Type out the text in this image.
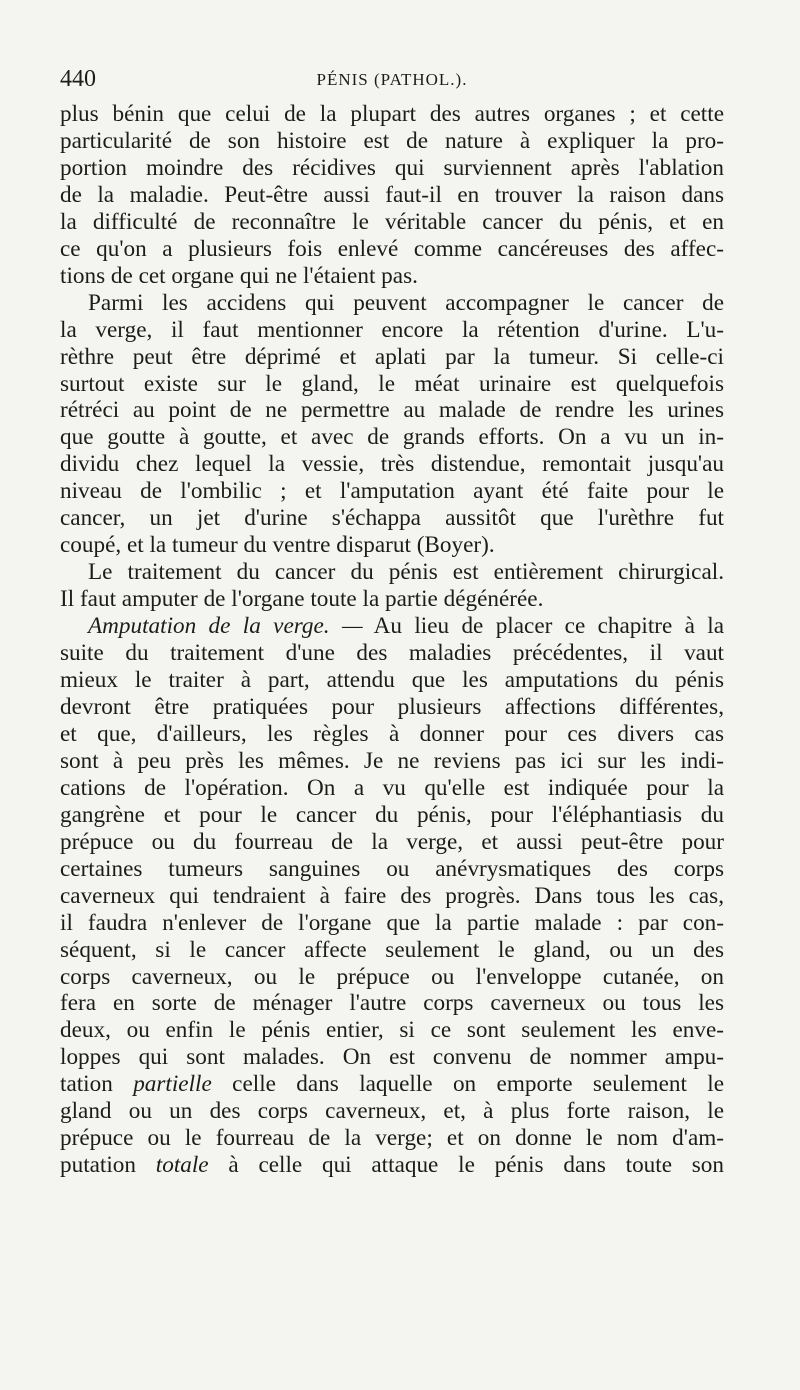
440	PÉNIS (PATHOL.).

plus bénin que celui de la plupart des autres organes ; et cette
particularité de son histoire est de nature à expliquer la pro-
portion moindre des récidives qui surviennent après l'ablation
de la maladie. Peut-être aussi faut-il en trouver la raison dans
la difficulté de reconnaître le véritable cancer du pénis, et en
ce qu'on a plusieurs fois enlevé comme cancéreuses des affec-
tions de cet organe qui ne l'étaient pas.

Parmi les accidens qui peuvent accompagner le cancer de
la verge, il faut mentionner encore la rétention d'urine. L'u-
rèthre peut être déprimé et aplati par la tumeur. Si celle-ci
surtout existe sur le gland, le méat urinaire est quelquefois
rétréci au point de ne permettre au malade de rendre les urines
que goutte à goutte, et avec de grands efforts. On a vu un in-
dividu chez lequel la vessie, très distendue, remontait jusqu'au
niveau de l'ombilic ; et l'amputation ayant été faite pour le
cancer, un jet d'urine s'échappa aussitôt que l'urèthre fut
coupé, et la tumeur du ventre disparut (Boyer).

Le traitement du cancer du pénis est entièrement chirurgical.
Il faut amputer de l'organe toute la partie dégénérée.

Amputation de la verge. — Au lieu de placer ce chapitre à la
suite du traitement d'une des maladies précédentes, il vaut
mieux le traiter à part, attendu que les amputations du pénis
devront être pratiquées pour plusieurs affections différentes,
et que, d'ailleurs, les règles à donner pour ces divers cas
sont à peu près les mêmes. Je ne reviens pas ici sur les indi-
cations de l'opération. On a vu qu'elle est indiquée pour la
gangrène et pour le cancer du pénis, pour l'éléphantiasis du
prépuce ou du fourreau de la verge, et aussi peut-être pour
certaines tumeurs sanguines ou anévrysmatiques des corps
caverneux qui tendraient à faire des progrès. Dans tous les cas,
il faudra n'enlever de l'organe que la partie malade : par con-
séquent, si le cancer affecte seulement le gland, ou un des
corps caverneux, ou le prépuce ou l'enveloppe cutanée, on
fera en sorte de ménager l'autre corps caverneux ou tous les
deux, ou enfin le pénis entier, si ce sont seulement les enve-
loppes qui sont malades. On est convenu de nommer ampu-
tation partielle celle dans laquelle on emporte seulement le
gland ou un des corps caverneux, et, à plus forte raison, le
prépuce ou le fourreau de la verge; et on donne le nom d'am-
putation totale à celle qui attaque le pénis dans toute son
